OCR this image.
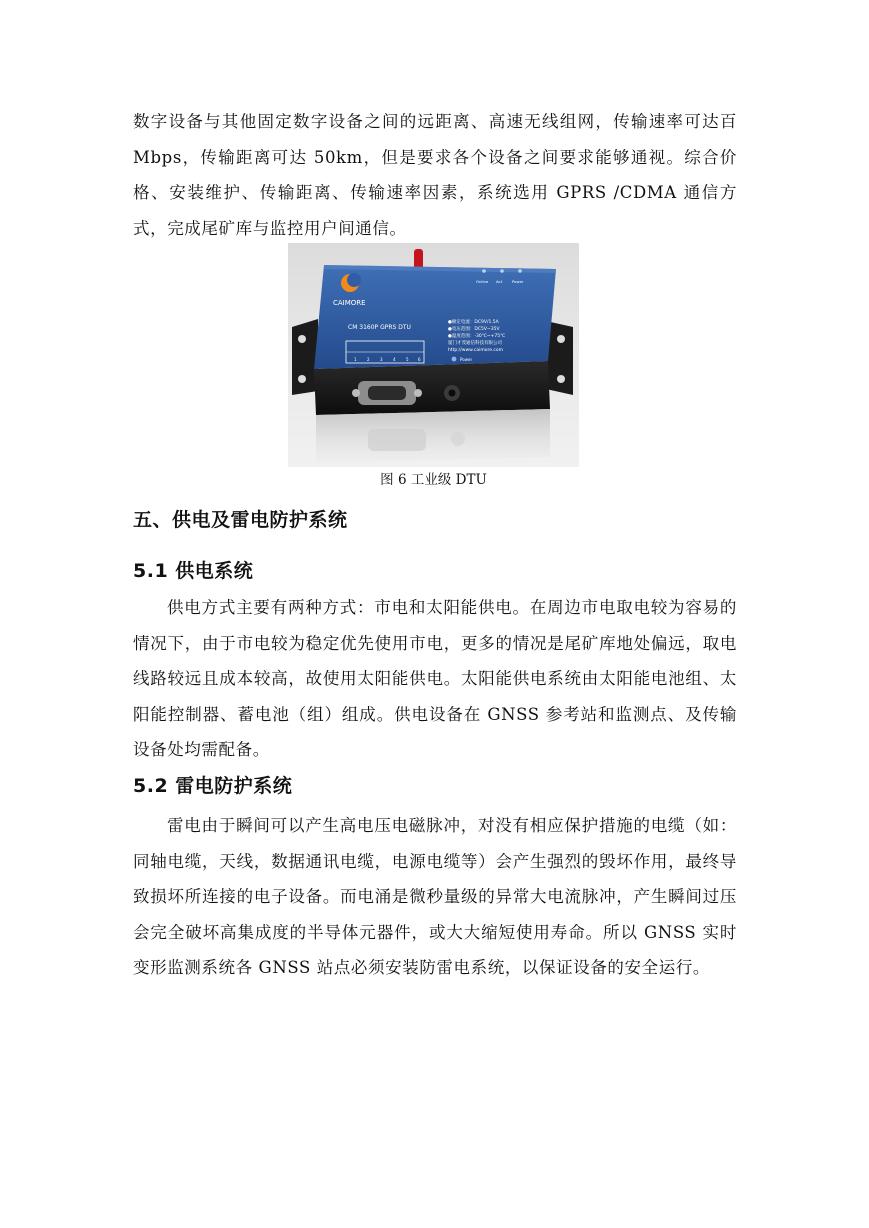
数字设备与其他固定数字设备之间的远距离、高速无线组网，传输速率可达百Mbps，传输距离可达 50km，但是要求各个设备之间要求能够通视。综合价格、安装维护、传输距离、传输速率因素，系统选用 GPRS /CDMA 通信方式，完成尾矿库与监控用户间通信。

CAIMORE
CM 3160P GPRS DTU
●额定电流：DC9V/1.5A
●电压范围：DC5V~35V
●温度范围：-30℃~+75℃
厦门才茂通信科技有限公司
http://www.caimore.com
Online Act	Power
1	2	3	4	5 6	Power
图 6 工业级 DTU
五、供电及雷电防护系统
5.1 供电系统

供电方式主要有两种方式：市电和太阳能供电。在周边市电取电较为容易的情况下，由于市电较为稳定优先使用市电，更多的情况是尾矿库地处偏远，取电线路较远且成本较高，故使用太阳能供电。太阳能供电系统由太阳能电池组、太阳能控制器、蓄电池（组）组成。供电设备在 GNSS 参考站和监测点、及传输设备处均需配备。

5.2 雷电防护系统

雷电由于瞬间可以产生高电压电磁脉冲，对没有相应保护措施的电缆（如：同轴电缆，天线，数据通讯电缆，电源电缆等）会产生强烈的毁坏作用，最终导致损坏所连接的电子设备。而电涌是微秒量级的异常大电流脉冲，产生瞬间过压会完全破坏高集成度的半导体元器件，或大大缩短使用寿命。所以 GNSS 实时变形监测系统各 GNSS 站点必须安装防雷电系统，以保证设备的安全运行。
